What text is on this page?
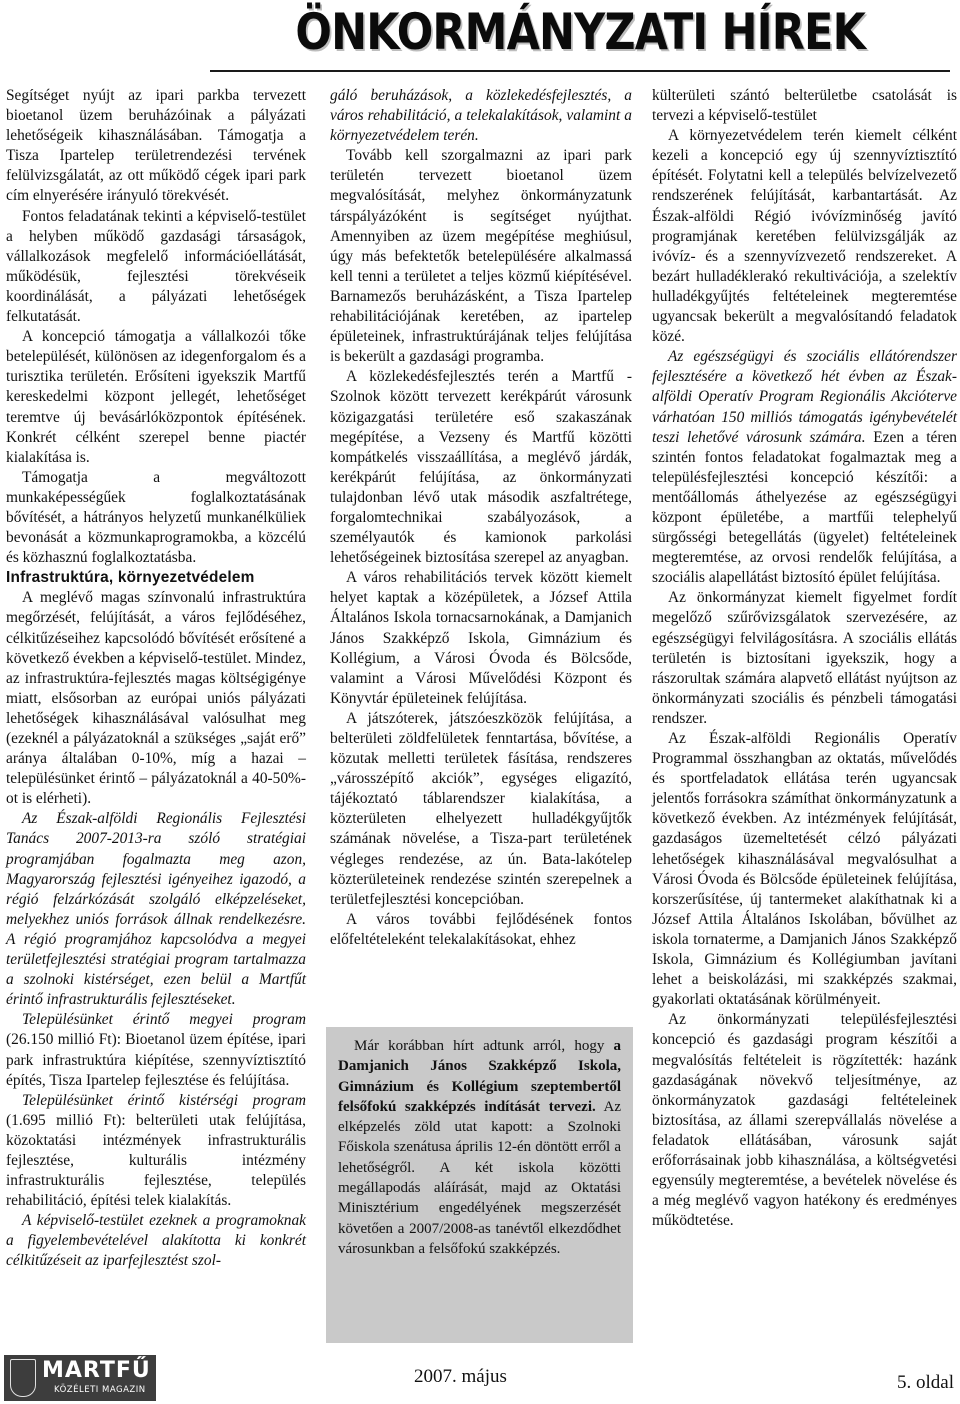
ÖNKORMÁNYZATI HÍREK

Segítséget nyújt az ipari parkba tervezett bioetanol üzem beruházóinak a pályázati lehetőségeik kihasználásában. Támogatja a Tisza Ipartelep területrendezési tervének felülvizsgálatát, az ott működő cégek ipari park cím elnyerésére irányuló törekvését.

Fontos feladatának tekinti a képviselő-testület a helyben működő gazdasági társaságok, vállalkozások megfelelő információellátását, működésük, fejlesztési törekvéseik koordinálását, a pályázati lehetőségek felkutatását.

A koncepció támogatja a vállalkozói tőke betelepülését, különösen az idegenforgalom és a turisztika területén. Erősíteni igyekszik Martfű kereskedelmi központ jellegét, lehetőséget teremtve új bevásárlóközpontok építésének. Konkrét célként szerepel benne piactér kialakítása is.

Támogatja a megváltozott munkaképességűek foglalkoztatásának bővítését, a hátrányos helyzetű munkanélküliek bevonását a közmunkaprogramokba, a közcélú és közhasznú foglalkoztatásba.

Infrastruktúra, környezetvédelem

A meglévő magas színvonalú infrastruktúra megőrzését, felújítását, a város fejlődéséhez, célkitűzéseihez kapcsolódó bővítését erősítené a következő években a képviselő-testület. Mindez, az infrastruktúra-fejlesztés magas költségigénye miatt, elsősorban az európai uniós pályázati lehetőségek kihasználásával valósulhat meg (ezeknél a pályázatoknál a szükséges „saját erő” aránya általában 0-10%, míg a hazai – településünket érintő – pályázatoknál a 40-50%-ot is elérheti).

Az Észak-alföldi Regionális Fejlesztési Tanács 2007-2013-ra szóló stratégiai programjában fogalmazta meg azon, Magyarország fejlesztési igényeihez igazodó, a régió felzárkózását szolgáló elképzeléseket, melyekhez uniós források állnak rendelkezésre. A régió programjához kapcsolódva a megyei területfejlesztési stratégiai program tartalmazza a szolnoki kistérséget, ezen belül a Martfűt érintő infrastrukturális fejlesztéseket.

Településünket érintő megyei program (26.150 millió Ft): Bioetanol üzem építése, ipari park infrastruktúra kiépítése, szennyvíztisztító építés, Tisza Ipartelep fejlesztése és felújítása.

Településünket érintő kistérségi program (1.695 millió Ft): belterületi utak felújítása, közoktatási intézmények infrastrukturális fejlesztése, kulturális intézmény infrastrukturális fejlesztése, település rehabilitáció, építési telek kialakítás.

A képviselő-testület ezeknek a programoknak a figyelembevételével alakította ki konkrét célkitűzéseit az iparfejlesztést szol-

gáló beruházások, a közlekedésfejlesztés, a város rehabilitáció, a telekalakítások, valamint a környezetvédelem terén.

Tovább kell szorgalmazni az ipari park területén tervezett bioetanol üzem megvalósítását, melyhez önkormányzatunk társpályázóként is segítséget nyújthat. Amennyiben az üzem megépítése meghiúsul, úgy más befektetők betelepülésére alkalmassá kell tenni a területet a teljes közmű kiépítésével. Barnamezős beruházásként, a Tisza Ipartelep rehabilitációjának keretében, az ipartelep épületeinek, infrastruktúrájának teljes felújítása is bekerült a gazdasági programba.

A közlekedésfejlesztés terén a Martfű - Szolnok között tervezett kerékpárút városunk közigazgatási területére eső szakaszának megépítése, a Vezseny és Martfű közötti kompátkelés visszaállítása, a meglévő járdák, kerékpárút felújítása, az önkormányzati tulajdonban lévő utak második aszfaltrétege, forgalomtechnikai szabályozások, a személyautók és kamionok parkolási lehetőségeinek biztosítása szerepel az anyagban.

A város rehabilitációs tervek között kiemelt helyet kaptak a középületek, a József Attila Általános Iskola tornacsarnokának, a Damjanich János Szakképző Iskola, Gimnázium és Kollégium, a Városi Óvoda és Bölcsőde, valamint a Városi Művelődési Központ és Könyvtár épületeinek felújítása.

A játszóterek, játszóeszközök felújítása, a belterületi zöldfelületek fenntartása, bővítése, a közutak melletti területek fásítása, rendszeres „városszépítő akciók”, egységes eligazító, tájékoztató táblarendszer kialakítása, a közterületen elhelyezett hulladékgyűjtők számának növelése, a Tisza-part területének végleges rendezése, az ún. Bata-lakótelep közterületeinek rendezése szintén szerepelnek a területfejlesztési koncepcióban.

A város további fejlődésének fontos előfeltételeként telekalakításokat, ehhez

Már korábban hírt adtunk arról, hogy a Damjanich János Szakképző Iskola, Gimnázium és Kollégium szeptembertől felsőfokú szakképzés indítását tervezi. Az elképzelés zöld utat kapott: a Szolnoki Főiskola szenátusa április 12-én döntött erről a lehetőségről. A két iskola közötti megállapodás aláírását, majd az Oktatási Minisztérium engedélyének megszerzését követően a 2007/2008-as tanévtől elkezdődhet városunkban a felsőfokú szakképzés.

külterületi szántó belterületbe csatolását is tervezi a képviselő-testület

A környezetvédelem terén kiemelt célként kezeli a koncepció egy új szennyvíztisztító építését. Folytatni kell a település belvízelvezető rendszerének felújítását, karbantartását. Az Észak-alföldi Régió ivóvízminőség javító programjának keretében felülvizsgálják az ivóvíz- és a szennyvízvezető rendszereket. A bezárt hulladéklerakó rekultivációja, a szelektív hulladékgyűjtés feltételeinek megteremtése ugyancsak bekerült a megvalósítandó feladatok közé.

Az egészségügyi és szociális ellátórendszer fejlesztésére a következő hét évben az Észak-alföldi Operatív Program Regionális Akcióterve várhatóan 150 milliós támogatás igénybevételét teszi lehetővé városunk számára. Ezen a téren szintén fontos feladatokat fogalmaztak meg a településfejlesztési koncepció készítői: a mentőállomás áthelyezése az egészségügyi központ épületébe, a martfűi telephelyű sürgősségi betegellátás (ügyelet) feltételeinek megteremtése, az orvosi rendelők felújítása, a szociális alapellátást biztosító épület felújítása.

Az önkormányzat kiemelt figyelmet fordít megelőző szűrővizsgálatok szervezésére, az egészségügyi felvilágosításra. A szociális ellátás területén is biztosítani igyekszik, hogy a rászorultak számára alapvető ellátást nyújtson az önkormányzati szociális és pénzbeli támogatási rendszer.

Az Észak-alföldi Regionális Operatív Programmal összhangban az oktatás, művelődés és sportfeladatok ellátása terén ugyancsak jelentős forrásokra számíthat önkormányzatunk a következő években. Az intézmények felújítását, gazdaságos üzemeltetését célzó pályázati lehetőségek kihasználásával megvalósulhat a Városi Óvoda és Bölcsőde épületeinek felújítása, korszerűsítése, új tantermeket alakíthatnak ki a József Attila Általános Iskolában, bővülhet az iskola tornaterme, a Damjanich János Szakképző Iskola, Gimnázium és Kollégiumban javítani lehet a beiskolázási, mi szakképzés szakmai, gyakorlati oktatásának körülményeit.

Az önkormányzati településfejlesztési koncepció és gazdasági program készítői a megvalósítás feltételeit is rögzítették: hazánk gazdaságának növekvő teljesítménye, az önkormányzatok gazdasági feltételeinek biztosítása, az állami szerepvállalás növelése a feladatok ellátásában, városunk saját erőforrásainak jobb kihasználása, a költségvetési egyensúly megteremtése, a bevételek növelése és a még meglévő vagyon hatékony és eredményes működtetése.

MARTFŰ
KÖZÉLETI MAGAZIN
2007. május	5. oldal
